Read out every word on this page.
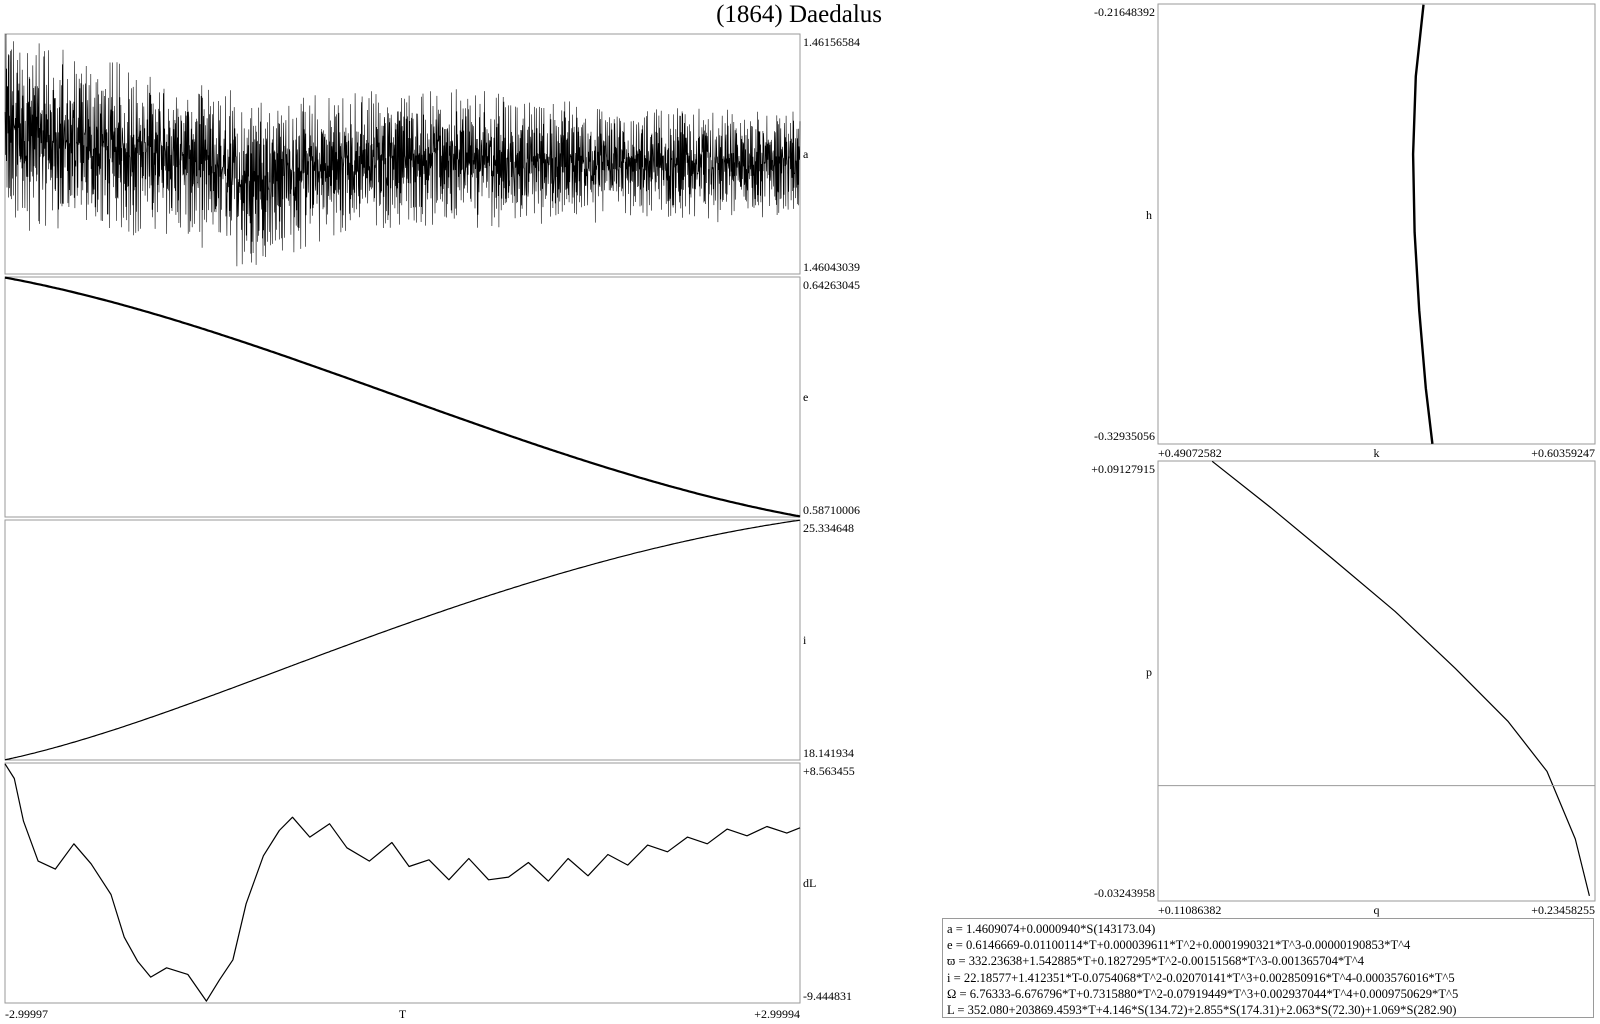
(1864) Daedalus
1.46156584
1.46043039
a
0.64263045
0.58710006
e
25.334648
18.141934
i
+8.563455
-9.444831
dL
-2.99997	T	+2.99994
-0.21648392
-0.32935056
h
+0.49072582	k	+0.60359247
+0.09127915
-0.03243958
p
+0.11086382	q	+0.23458255
a = 1.4609074+0.0000940*S(143173.04)
e = 0.6146669-0.01100114*T+0.000039611*T^2+0.0001990321*T^3-0.00000190853*T^4
ϖ = 332.23638+1.542885*T+0.1827295*T^2-0.00151568*T^3-0.001365704*T^4
i = 22.18577+1.412351*T-0.0754068*T^2-0.02070141*T^3+0.002850916*T^4-0.0003576016*T^5
Ω = 6.76333-6.676796*T+0.7315880*T^2-0.07919449*T^3+0.002937044*T^4+0.0009750629*T^5
L = 352.080+203869.4593*T+4.146*S(134.72)+2.855*S(174.31)+2.063*S(72.30)+1.069*S(282.90)
